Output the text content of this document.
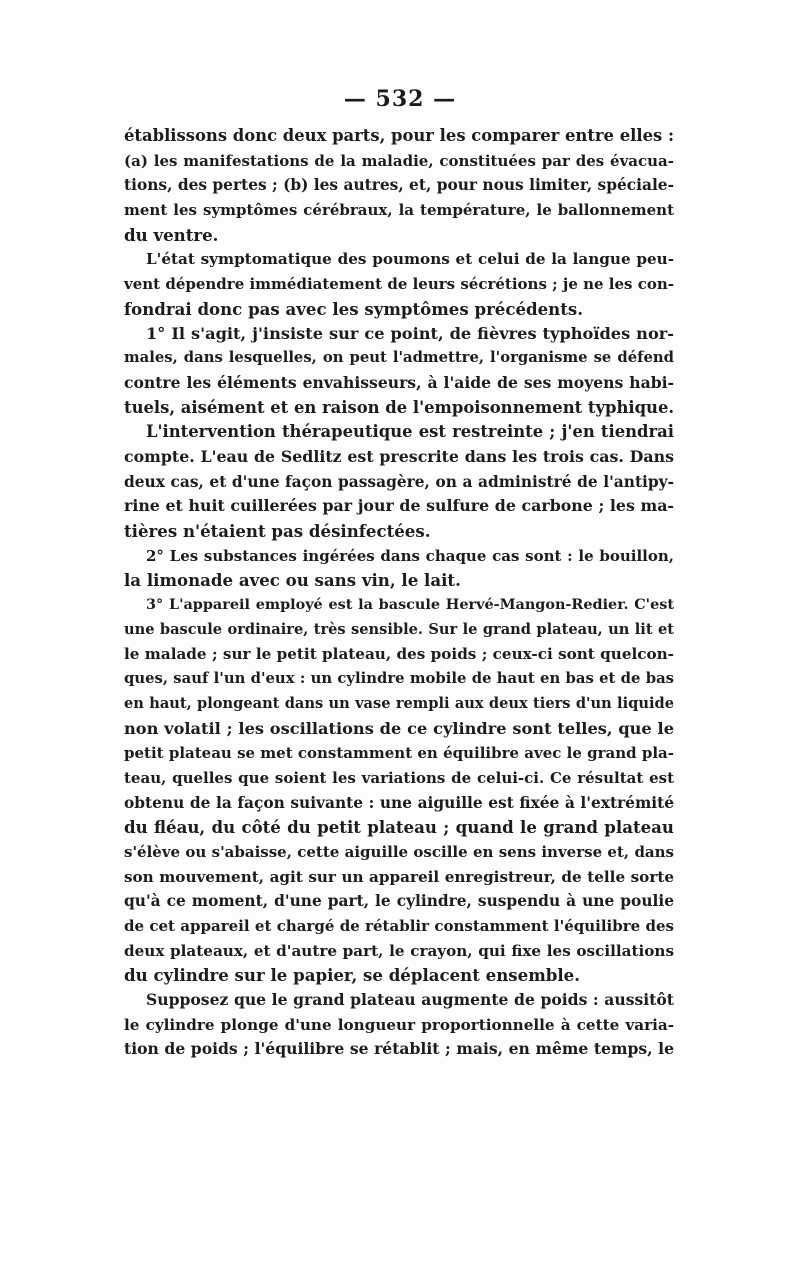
— 532 —
établissons donc deux parts, pour les comparer entre elles :
(a) les manifestations de la maladie, constituées par des évacua-
tions, des pertes ; (b) les autres, et, pour nous limiter, spéciale-
ment les symptômes cérébraux, la température, le ballonnement
du ventre.
L'état symptomatique des poumons et celui de la langue peu-
vent dépendre immédiatement de leurs sécrétions ; je ne les con-
fondrai donc pas avec les symptômes précédents.
1° Il s'agit, j'insiste sur ce point, de fièvres typhoïdes nor-
males, dans lesquelles, on peut l'admettre, l'organisme se défend
contre les éléments envahisseurs, à l'aide de ses moyens habi-
tuels, aisément et en raison de l'empoisonnement typhique.
L'intervention thérapeutique est restreinte ; j'en tiendrai
compte. L'eau de Sedlitz est prescrite dans les trois cas. Dans
deux cas, et d'une façon passagère, on a administré de l'antipy-
rine et huit cuillerées par jour de sulfure de carbone ; les ma-
tières n'étaient pas désinfectées.
2° Les substances ingérées dans chaque cas sont : le bouillon,
la limonade avec ou sans vin, le lait.
3° L'appareil employé est la bascule Hervé-Mangon-Redier. C'est
une bascule ordinaire, très sensible. Sur le grand plateau, un lit et
le malade ; sur le petit plateau, des poids ; ceux-ci sont quelcon-
ques, sauf l'un d'eux : un cylindre mobile de haut en bas et de bas
en haut, plongeant dans un vase rempli aux deux tiers d'un liquide
non volatil ; les oscillations de ce cylindre sont telles, que le
petit plateau se met constamment en équilibre avec le grand pla-
teau, quelles que soient les variations de celui-ci. Ce résultat est
obtenu de la façon suivante : une aiguille est fixée à l'extrémité
du fléau, du côté du petit plateau ; quand le grand plateau
s'élève ou s'abaisse, cette aiguille oscille en sens inverse et, dans
son mouvement, agit sur un appareil enregistreur, de telle sorte
qu'à ce moment, d'une part, le cylindre, suspendu à une poulie
de cet appareil et chargé de rétablir constamment l'équilibre des
deux plateaux, et d'autre part, le crayon, qui fixe les oscillations
du cylindre sur le papier, se déplacent ensemble.
Supposez que le grand plateau augmente de poids : aussitôt
le cylindre plonge d'une longueur proportionnelle à cette varia-
tion de poids ; l'équilibre se rétablit ; mais, en même temps, le
